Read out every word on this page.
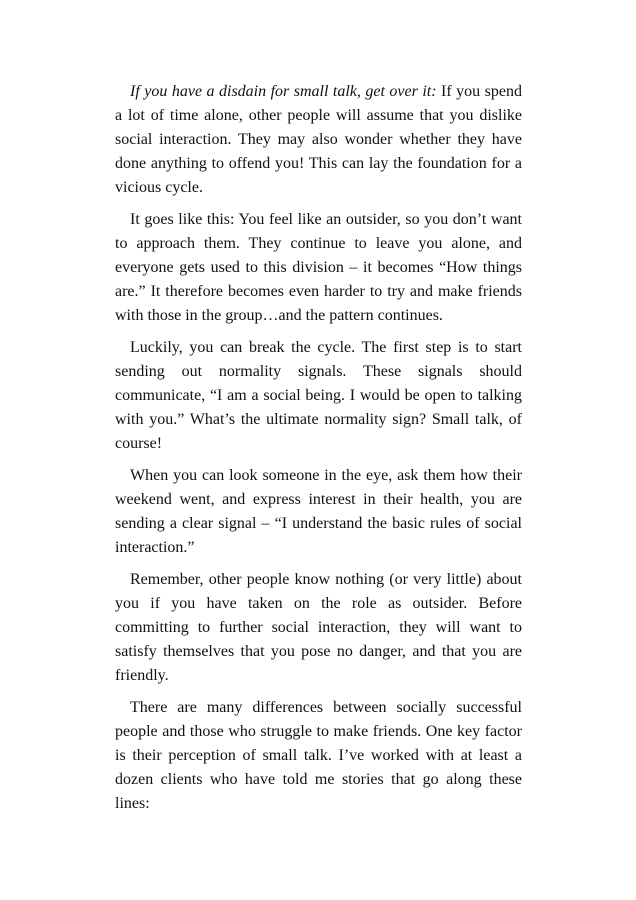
If you have a disdain for small talk, get over it: If you spend a lot of time alone, other people will assume that you dislike social interaction. They may also wonder whether they have done anything to offend you! This can lay the foundation for a vicious cycle.

It goes like this: You feel like an outsider, so you don’t want to approach them. They continue to leave you alone, and everyone gets used to this division – it becomes “How things are.” It therefore becomes even harder to try and make friends with those in the group…and the pattern continues.

Luckily, you can break the cycle. The first step is to start sending out normality signals. These signals should communicate, “I am a social being. I would be open to talking with you.” What’s the ultimate normality sign? Small talk, of course!

When you can look someone in the eye, ask them how their weekend went, and express interest in their health, you are sending a clear signal – “I understand the basic rules of social interaction.”

Remember, other people know nothing (or very little) about you if you have taken on the role as outsider. Before committing to further social interaction, they will want to satisfy themselves that you pose no danger, and that you are friendly.

There are many differences between socially successful people and those who struggle to make friends. One key factor is their perception of small talk. I’ve worked with at least a dozen clients who have told me stories that go along these lines:
